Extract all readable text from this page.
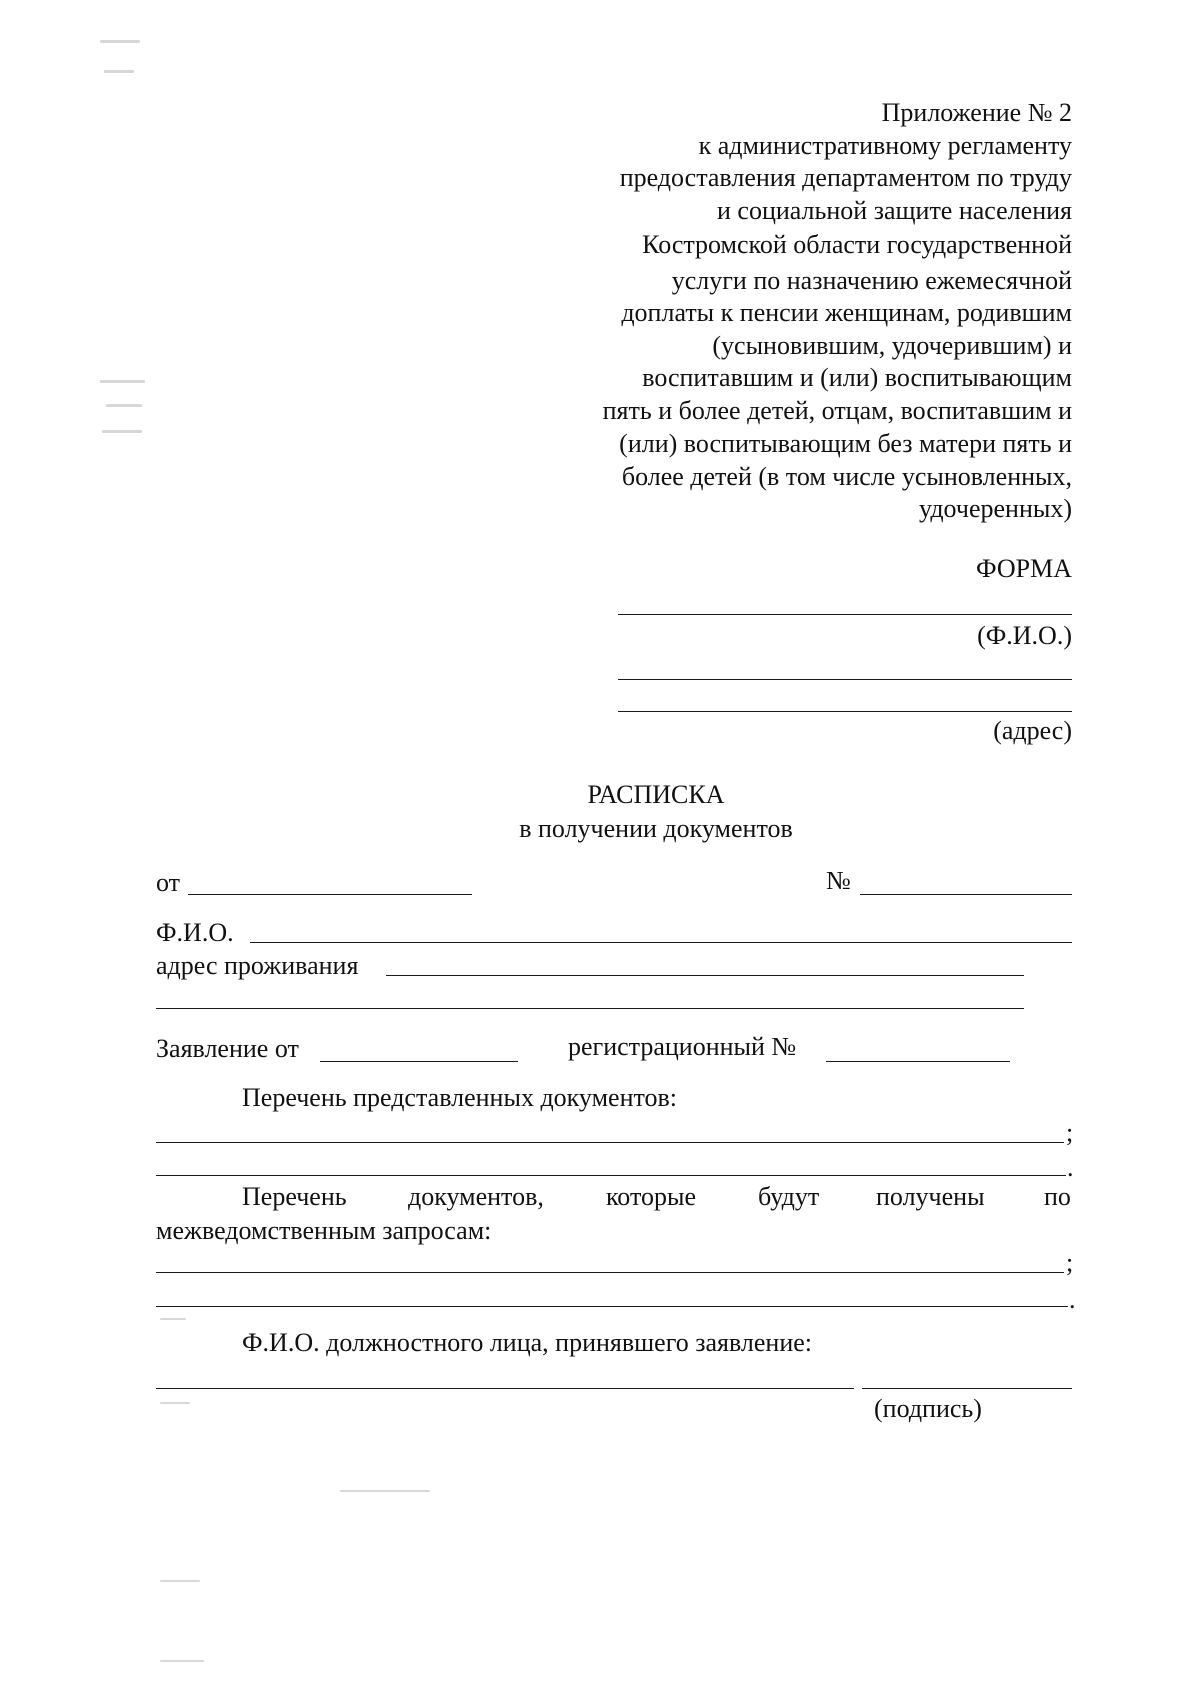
Приложение № 2
к административному регламенту
предоставления департаментом по труду
и социальной защите населения
Костромской области государственной
услуги по назначению ежемесячной
доплаты к пенсии женщинам, родившим
(усыновившим, удочерившим) и
воспитавшим и (или) воспитывающим
пять и более детей, отцам, воспитавшим и
(или) воспитывающим без матери пять и
более детей (в том числе усыновленных,
удочеренных)
ФОРМА
(Ф.И.О.)
(адрес)
РАСПИСКА
в получении документов
от	№
Ф.И.О.
адрес проживания
Заявление от	регистрационный №
Перечень представленных документов:
;
.
Перечень документов, которые будут получены по
межведомственным запросам:
;
.
Ф.И.О. должностного лица, принявшего заявление:
(подпись)
